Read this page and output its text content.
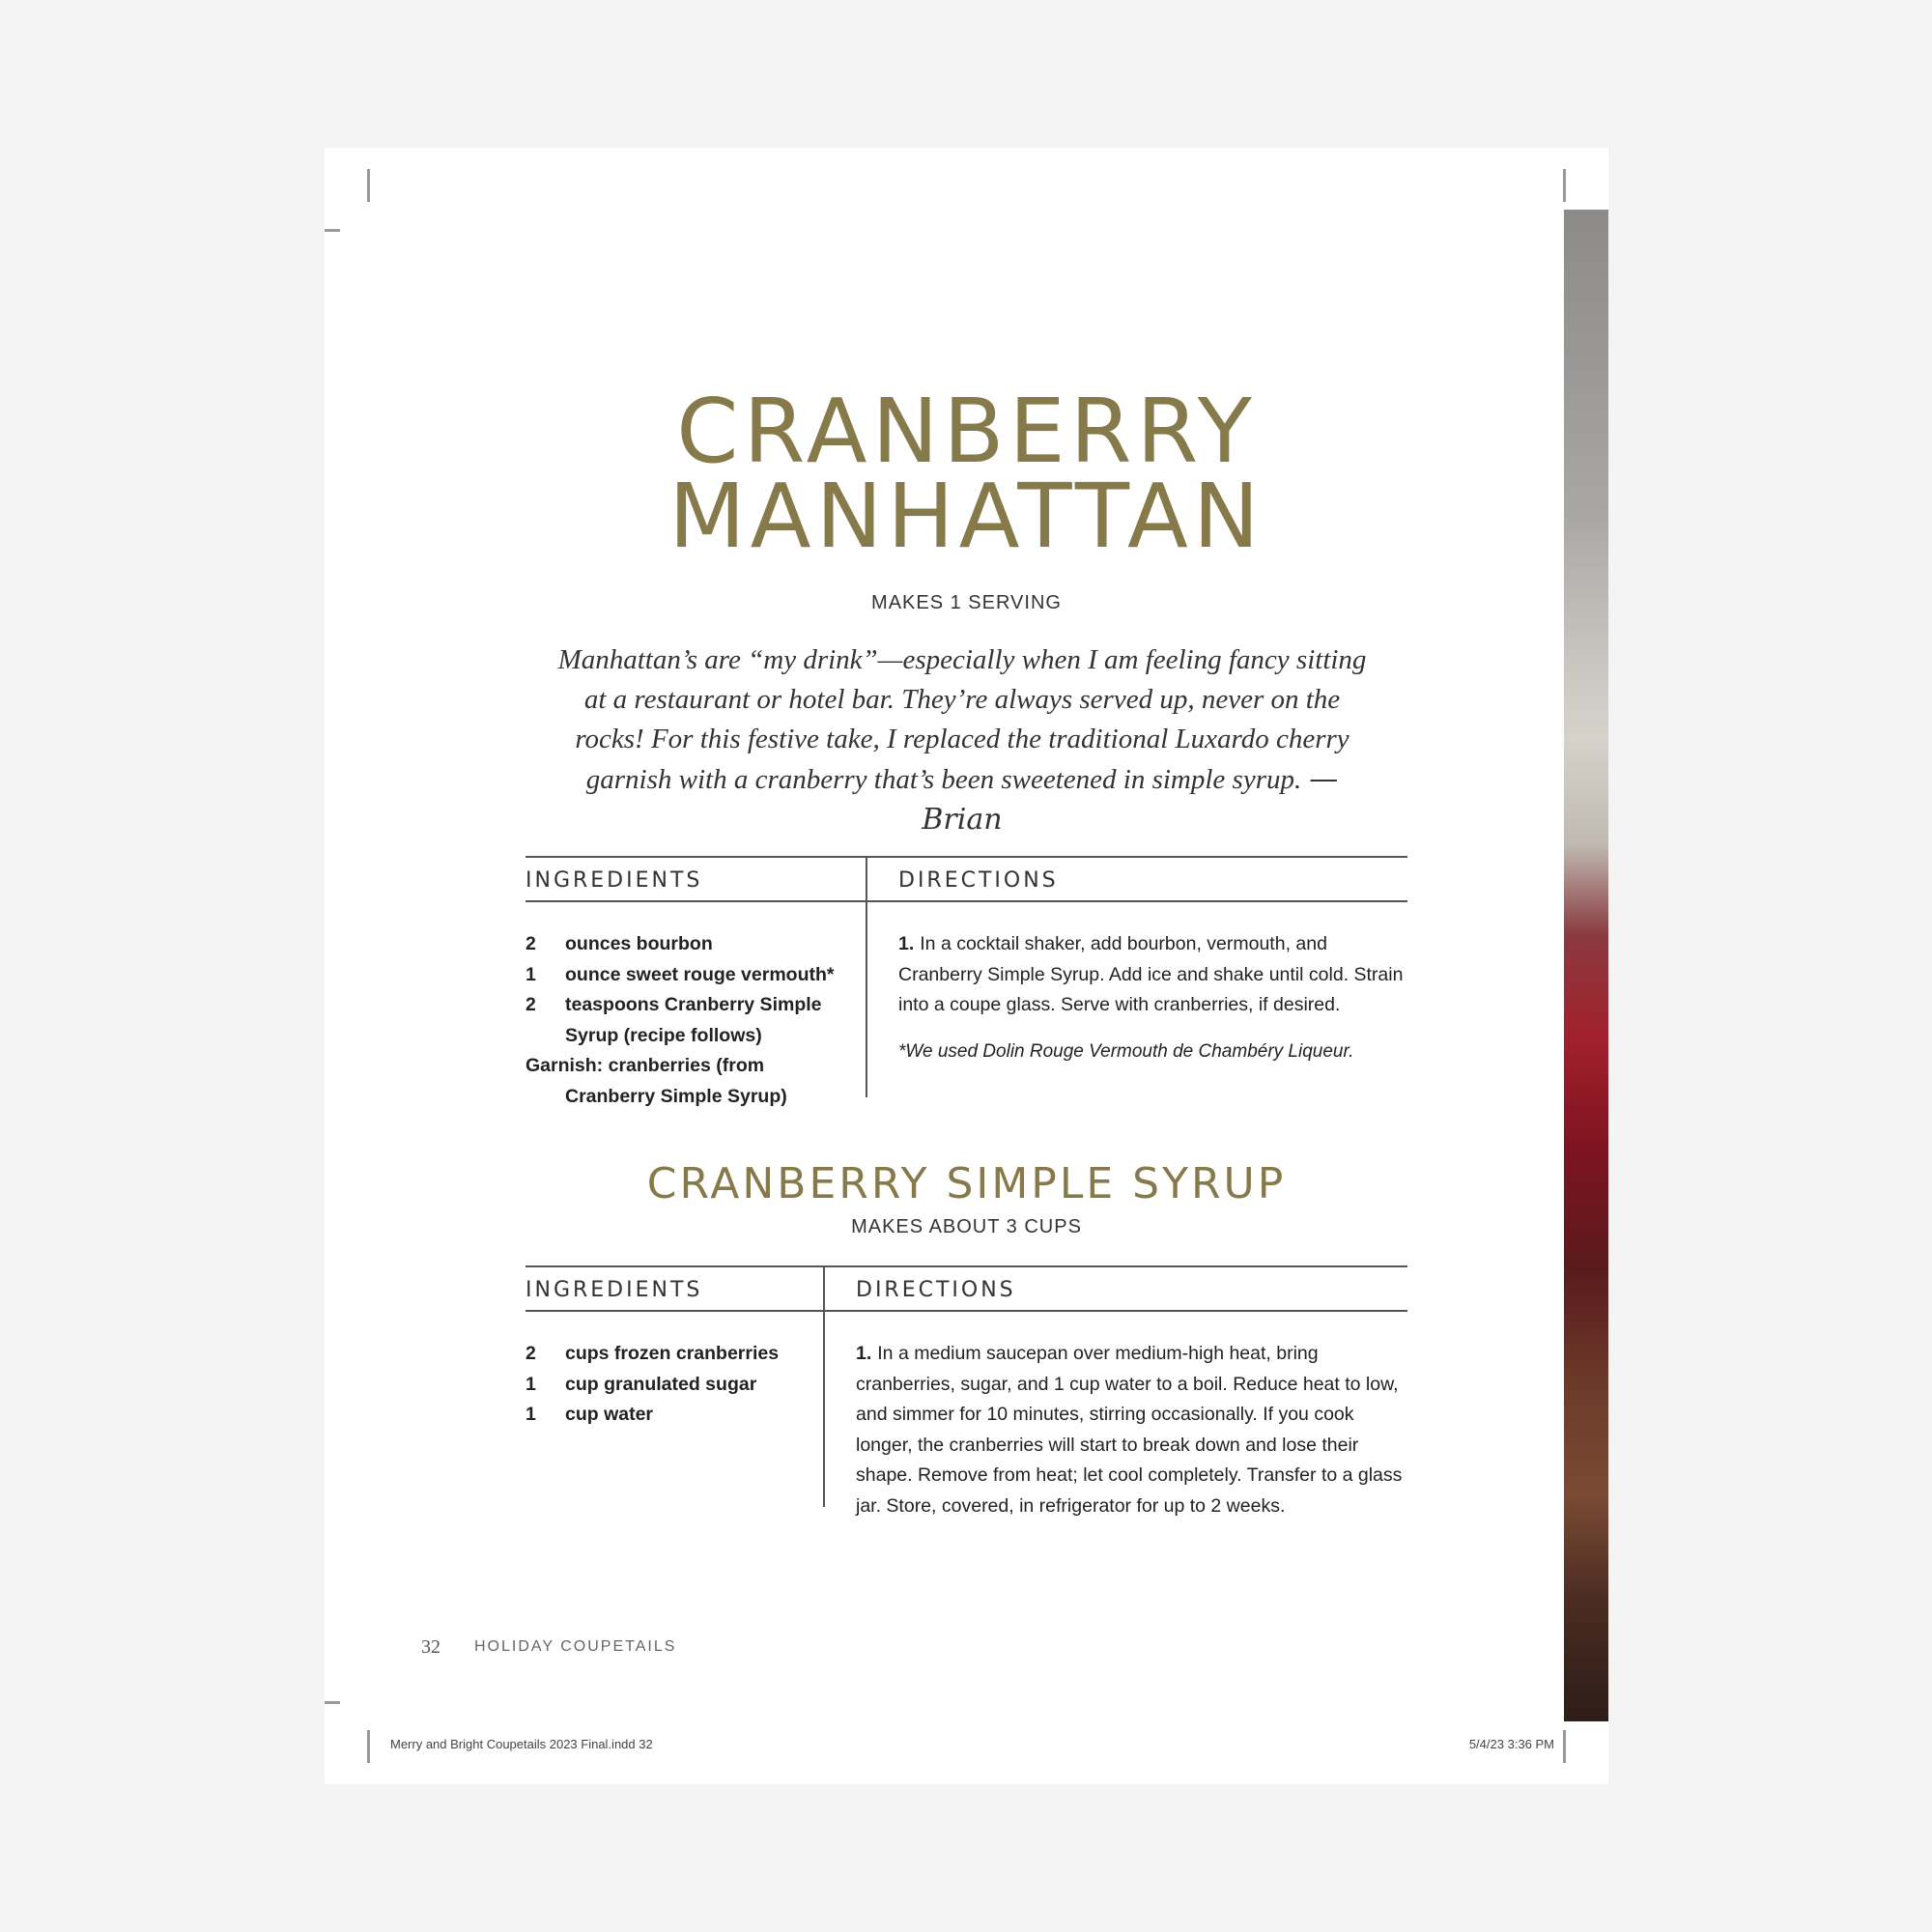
CRANBERRY
MANHATTAN
MAKES 1 SERVING
Manhattan’s are “my drink”—especially when I am feeling fancy sitting at a restaurant or hotel bar. They’re always served up, never on the rocks! For this festive take, I replaced the traditional Luxardo cherry garnish with a cranberry that’s been sweetened in simple syrup. —Brian
INGREDIENTS	DIRECTIONS
2	ounces bourbon
1	ounce sweet rouge vermouth*
2	teaspoons Cranberry Simple Syrup (recipe follows)
Garnish: cranberries (from
Cranberry Simple Syrup)
1. In a cocktail shaker, add bourbon, vermouth, and Cranberry Simple Syrup. Add ice and shake until cold. Strain into a coupe glass. Serve with cranberries, if desired.
*We used Dolin Rouge Vermouth de Chambéry Liqueur.
CRANBERRY SIMPLE SYRUP
MAKES ABOUT 3 CUPS
INGREDIENTS	DIRECTIONS
2	cups frozen cranberries
1	cup granulated sugar
1	cup water
1. In a medium saucepan over medium-high heat, bring cranberries, sugar, and 1 cup water to a boil. Reduce heat to low, and simmer for 10 minutes, stirring occasionally. If you cook longer, the cranberries will start to break down and lose their shape. Remove from heat; let cool completely. Transfer to a glass jar. Store, covered, in refrigerator for up to 2 weeks.
32 HOLIDAY COUPETAILS
Merry and Bright Coupetails 2023 Final.indd 32	5/4/23 3:36 PM
